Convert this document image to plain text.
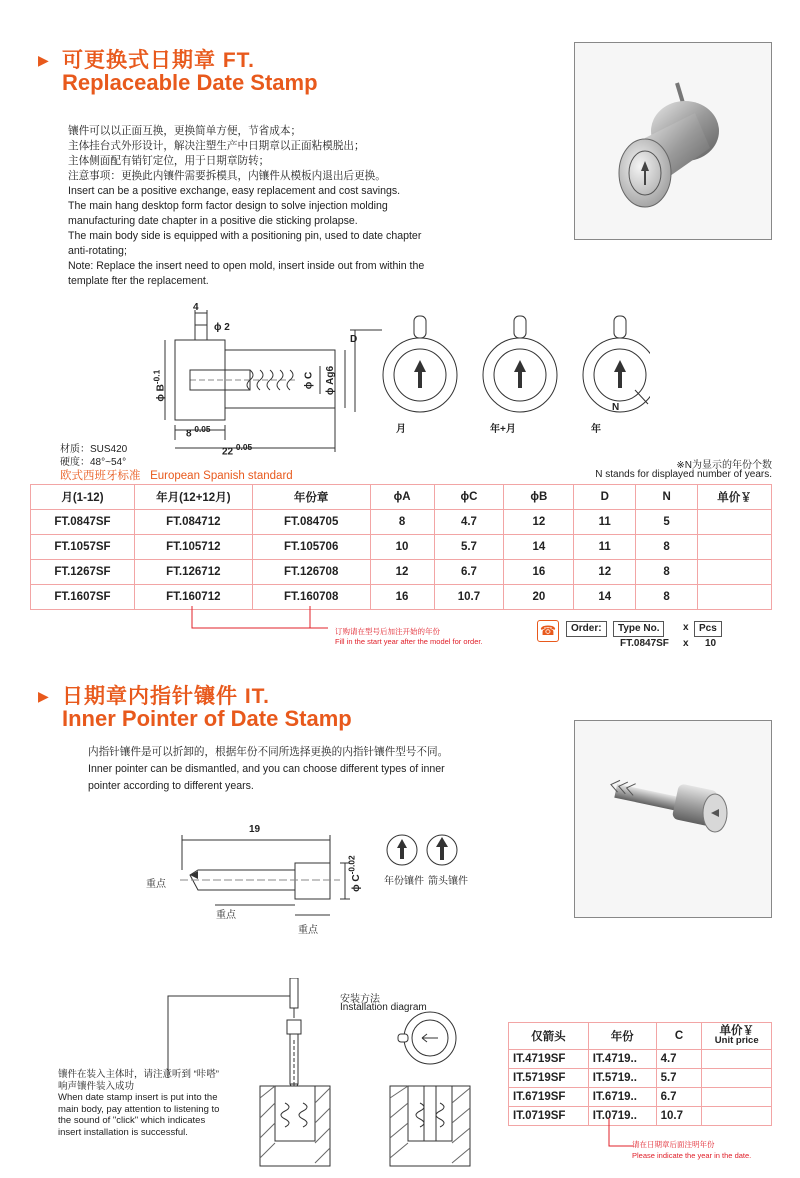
▶ 可更换式日期章 FT.
Replaceable Date Stamp
镶件可以以正面互换，更换简单方便，节省成本；
主体挂台式外形设计，解决注塑生产中日期章以正面粘模脱出；
主体侧面配有销钉定位，用于日期章防转；
注意事项：更换此内镶件需要拆模具，内镶件从模板内退出后更换。
Insert can be a positive exchange, easy replacement and cost savings.
The main hang desktop form factor design to solve injection molding
manufacturing date chapter in a positive die sticking prolapse.
The main body side is equipped with a positioning pin, used to date chapter
anti-rotating;
Note: Replace the insert need to open mold, insert inside out from within the
template fter the replacement.
4
ϕ 2
ϕ $B^{-0.1}$	ϕ C ϕ Ag6
$8^{-0.05}$
$22^{-0.05}$
D
N
月	年+月	年
材质：SUS420
硬度：48°~54°
欧式西班牙标准 European Spanish standard
※N为显示的年份个数
N stands for displayed number of years.
月(1-12)	年月(12+12月)	年份章	ϕA	ϕC	ϕB	D	N	单价￥
FT.0847SF	FT.084712	FT.084705	8	4.7	12	11	5	
FT.1057SF	FT.105712	FT.105706	10	5.7	14	11	8	
FT.1267SF	FT.126712	FT.126708	12	6.7	16	12	8	
FT.1607SF	FT.160712	FT.160708	16	10.7	20	14	8	
订购请在型号后加注开始的年份
Fill in the start year after the model for order.
☎	Order:	Type No.	x	Pcs
FT.0847SF x 10
▶ 日期章内指针镶件 IT.
Inner Pointer of Date Stamp
内指针镶件是可以折卸的，根据年份不同所选择更换的内指针镶件型号不同。
Inner pointer can be dismantled, and you can choose different types of inner
pointer according to different years.
19
ϕ $C^{-0.02}$
重点
重点
重点
年份镶件 箭头镶件
安装方法
Installation diagram
镶件在装入主体时，请注意听到 “咔嗒”
响声镶件装入成功
When date stamp insert is put into the
main body, pay attention to listening to
the sound of "click" which indicates
insert installation is successful.
仅箭头	年份	C	单价￥
Unit price

IT.4719SF	IT.4719..	4.7	
IT.5719SF	IT.5719..	5.7	
IT.6719SF	IT.6719..	6.7	
IT.0719SF	IT.0719..	10.7	
请在日期章后面注明年份
Please indicate the year in the date.
